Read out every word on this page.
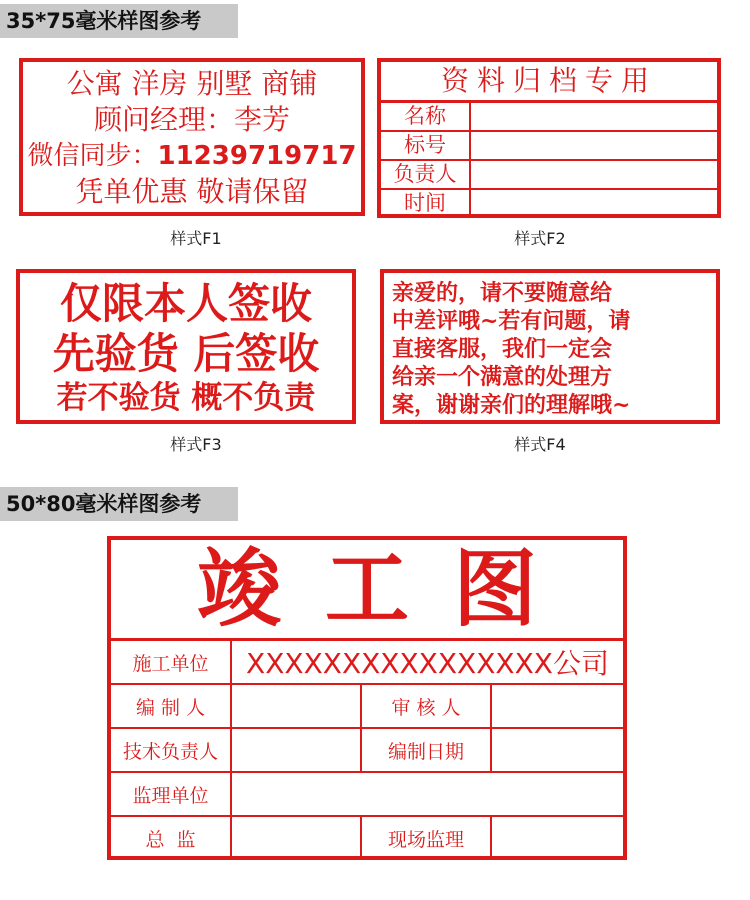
35*75毫米样图参考
公寓 洋房 别墅 商铺
顾问经理：李芳
微信同步：11239719717
凭单优惠 敬请保留
样式F1
资料归档专用
名称	
标号	
负责人	
时间	
样式F2
仅限本人签收
先验货 后签收
若不验货 概不负责
样式F3
亲爱的，请不要随意给
中差评哦~若有问题，请
直接客服，我们一定会
给亲一个满意的处理方
案，谢谢亲们的理解哦~
样式F4
50*80毫米样图参考
竣工图
施工单位	XXXXXXXXXXXXXXXX公司		
编 制 人		审 核 人	
技术负责人		编制日期	
监理单位			
总  监		现场监理	
